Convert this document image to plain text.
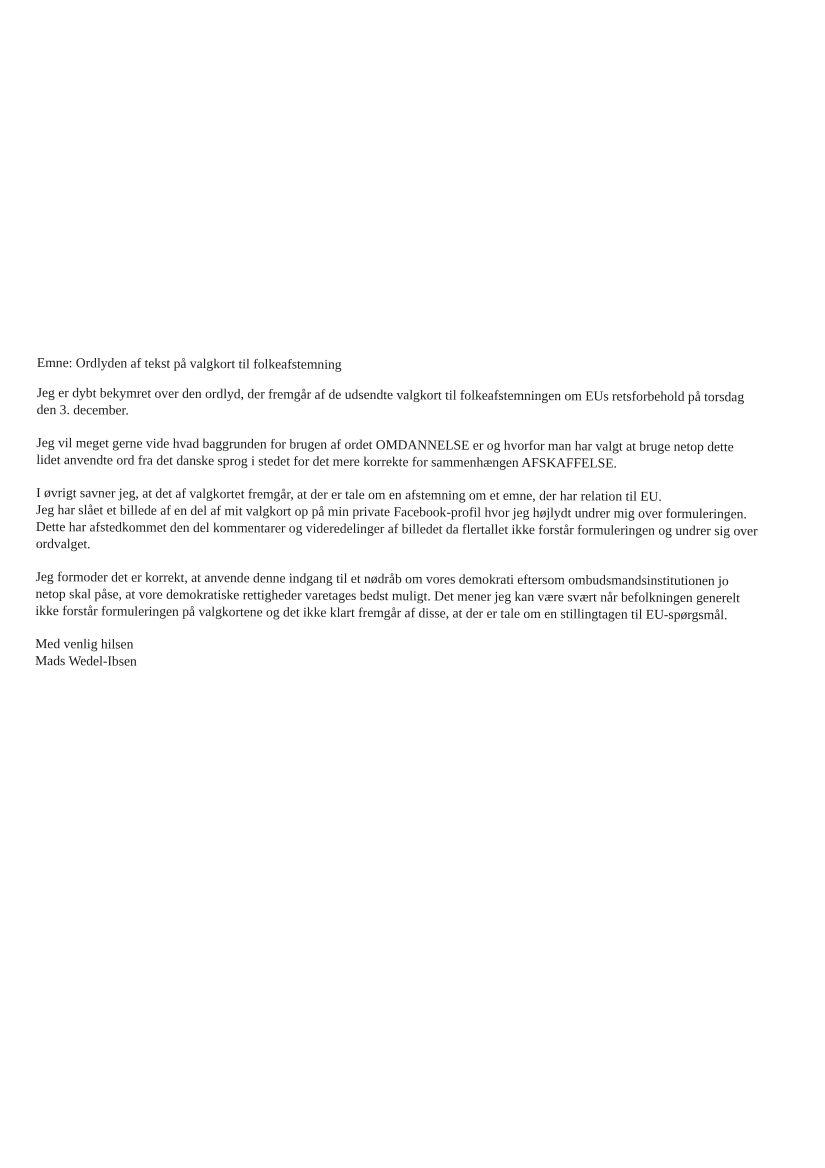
Emne: Ordlyden af tekst på valgkort til folkeafstemning
Jeg er dybt bekymret over den ordlyd, der fremgår af de udsendte valgkort til folkeafstemningen om EUs retsforbehold på torsdag
den 3. december.
Jeg vil meget gerne vide hvad baggrunden for brugen af ordet OMDANNELSE er og hvorfor man har valgt at bruge netop dette
lidet anvendte ord fra det danske sprog i stedet for det mere korrekte for sammenhængen AFSKAFFELSE.
I øvrigt savner jeg, at det af valgkortet fremgår, at der er tale om en afstemning om et emne, der har relation til EU.
Jeg har slået et billede af en del af mit valgkort op på min private Facebook-profil hvor jeg højlydt undrer mig over formuleringen.
Dette har afstedkommet den del kommentarer og videredelinger af billedet da flertallet ikke forstår formuleringen og undrer sig over
ordvalget.
Jeg formoder det er korrekt, at anvende denne indgang til et nødråb om vores demokrati eftersom ombudsmandsinstitutionen jo
netop skal påse, at vore demokratiske rettigheder varetages bedst muligt. Det mener jeg kan være svært når befolkningen generelt
ikke forstår formuleringen på valgkortene og det ikke klart fremgår af disse, at der er tale om en stillingtagen til EU-spørgsmål.
Med venlig hilsen
Mads Wedel-Ibsen
